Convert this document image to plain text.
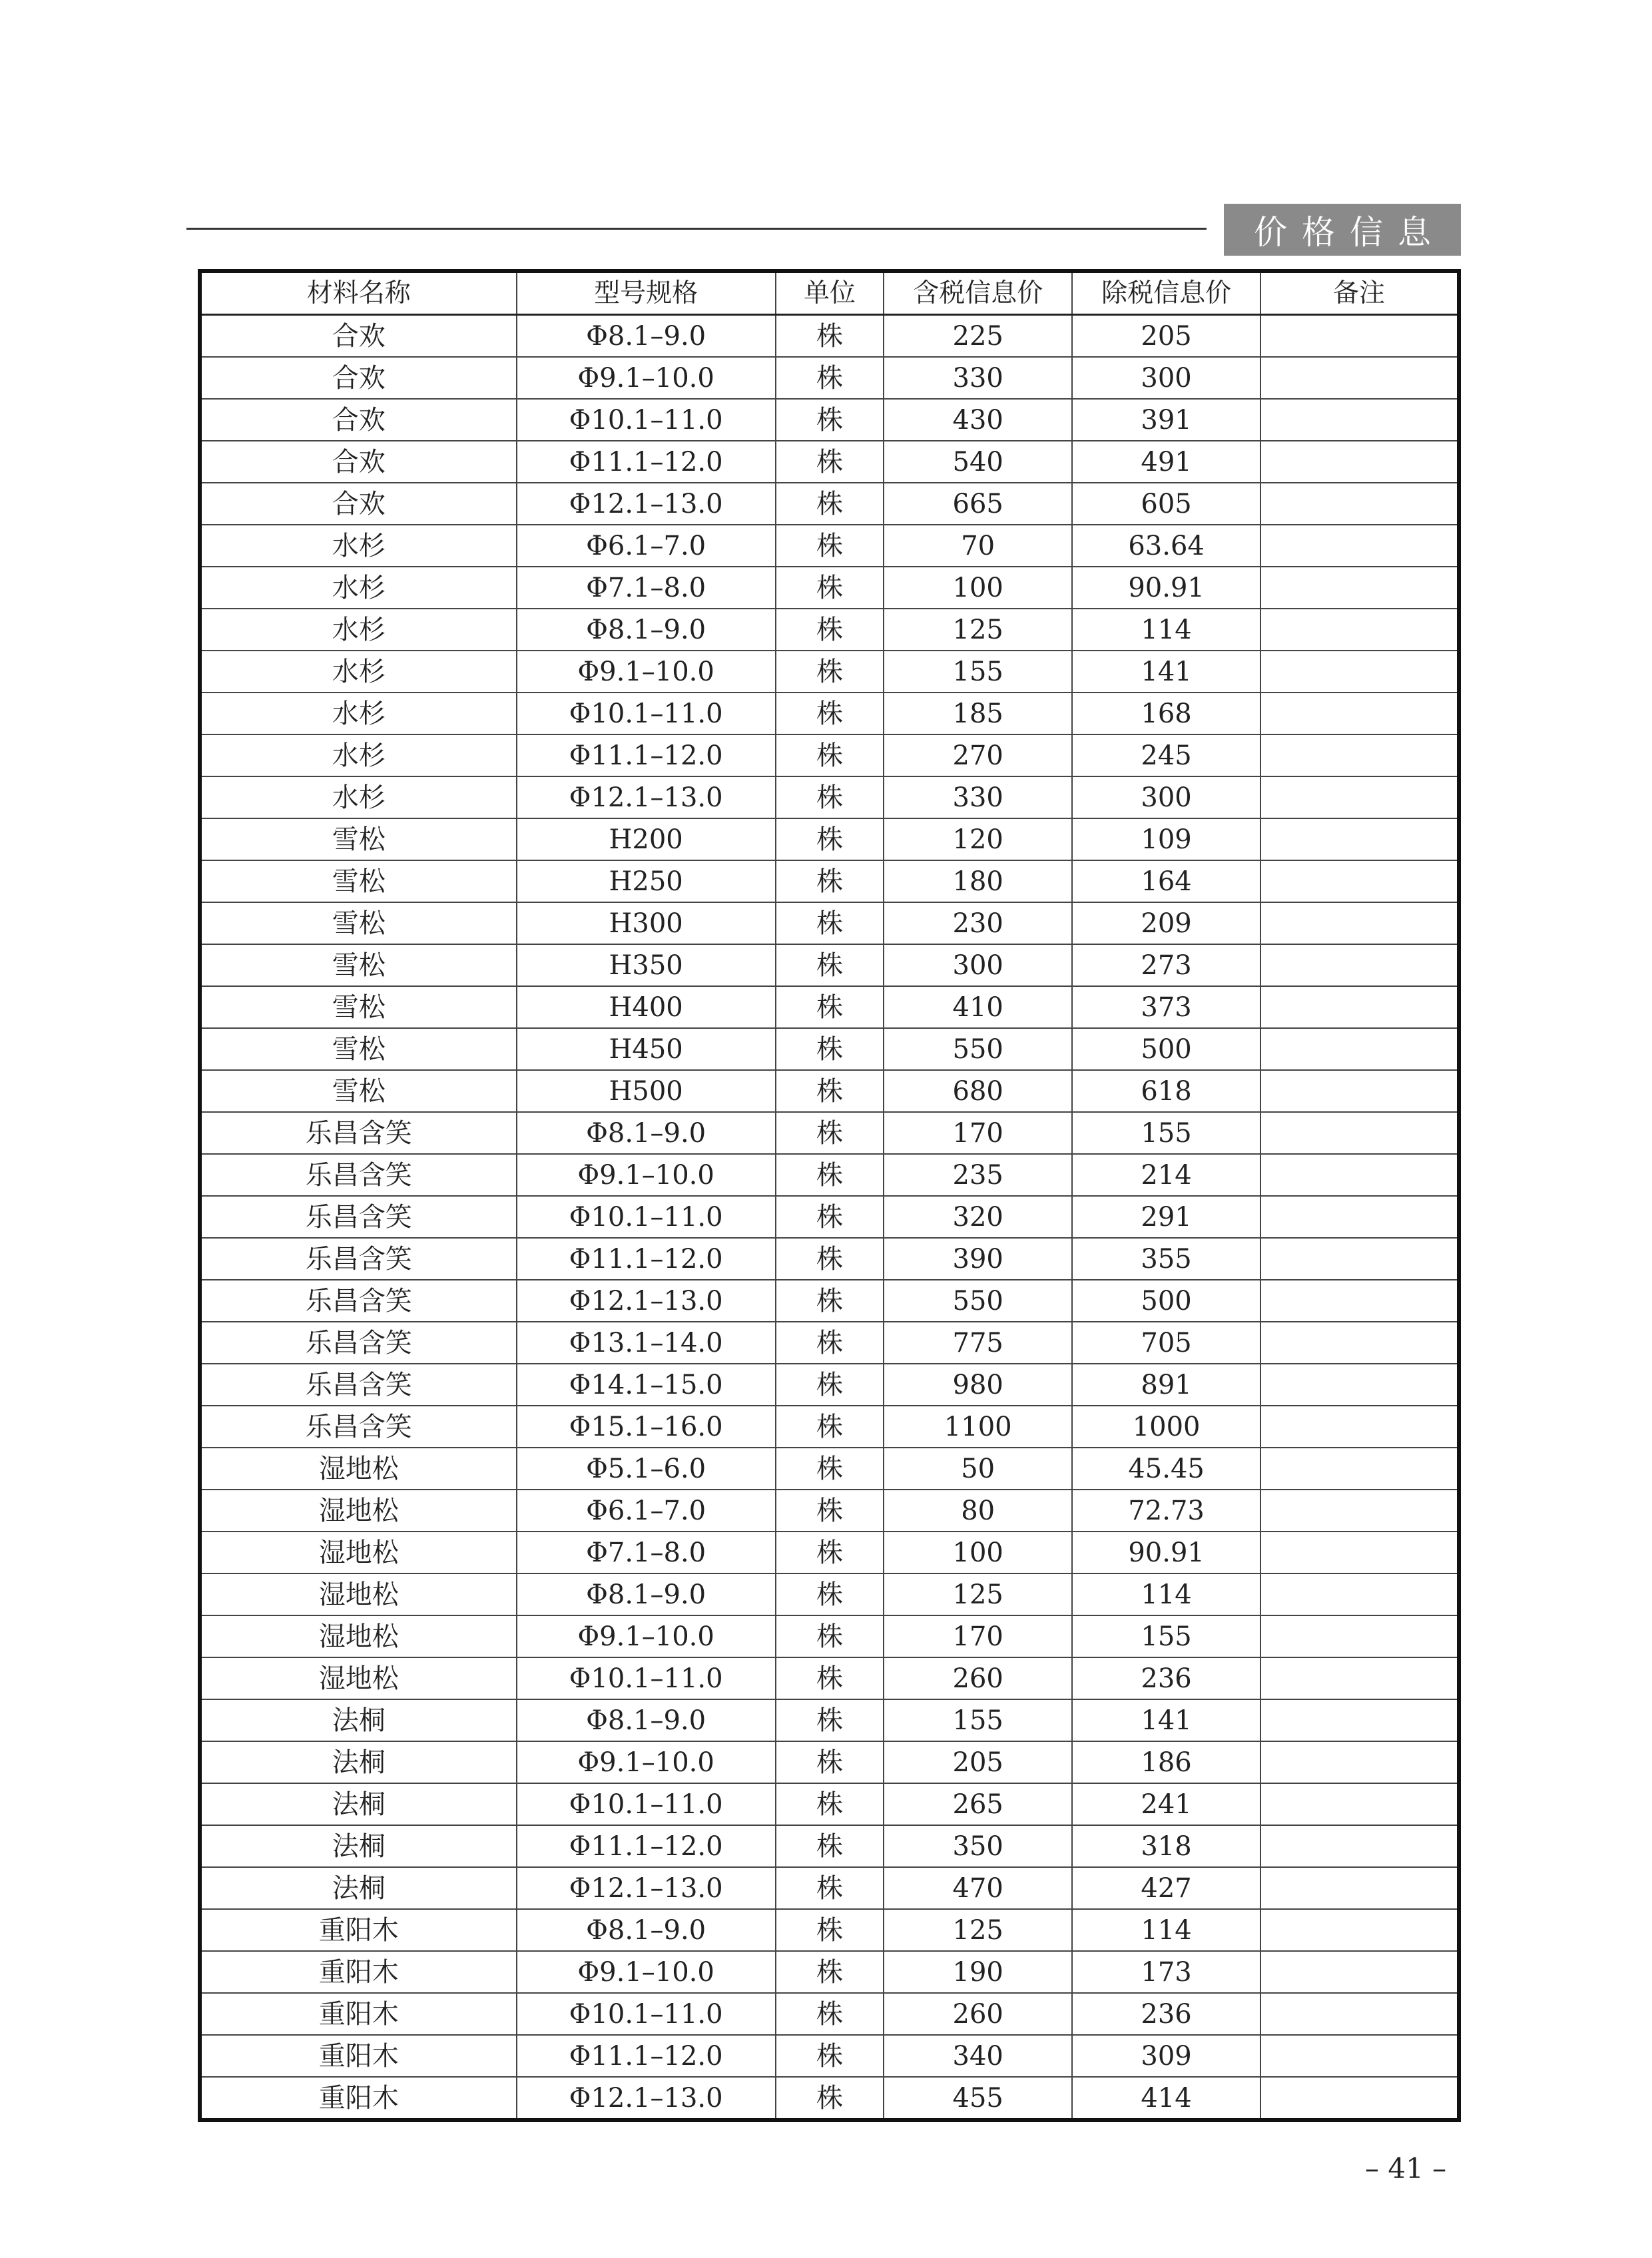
价格信息
材料名称	型号规格	单位	含税信息价	除税信息价	备注
合欢	Φ8.1–9.0	株	225	205	
合欢	Φ9.1–10.0	株	330	300	
合欢	Φ10.1–11.0	株	430	391	
合欢	Φ11.1–12.0	株	540	491	
合欢	Φ12.1–13.0	株	665	605	
水杉	Φ6.1–7.0	株	70	63.64	
水杉	Φ7.1–8.0	株	100	90.91	
水杉	Φ8.1–9.0	株	125	114	
水杉	Φ9.1–10.0	株	155	141	
水杉	Φ10.1–11.0	株	185	168	
水杉	Φ11.1–12.0	株	270	245	
水杉	Φ12.1–13.0	株	330	300	
雪松	H200	株	120	109	
雪松	H250	株	180	164	
雪松	H300	株	230	209	
雪松	H350	株	300	273	
雪松	H400	株	410	373	
雪松	H450	株	550	500	
雪松	H500	株	680	618	
乐昌含笑	Φ8.1–9.0	株	170	155	
乐昌含笑	Φ9.1–10.0	株	235	214	
乐昌含笑	Φ10.1–11.0	株	320	291	
乐昌含笑	Φ11.1–12.0	株	390	355	
乐昌含笑	Φ12.1–13.0	株	550	500	
乐昌含笑	Φ13.1–14.0	株	775	705	
乐昌含笑	Φ14.1–15.0	株	980	891	
乐昌含笑	Φ15.1–16.0	株	1100	1000	
湿地松	Φ5.1–6.0	株	50	45.45	
湿地松	Φ6.1–7.0	株	80	72.73	
湿地松	Φ7.1–8.0	株	100	90.91	
湿地松	Φ8.1–9.0	株	125	114	
湿地松	Φ9.1–10.0	株	170	155	
湿地松	Φ10.1–11.0	株	260	236	
法桐	Φ8.1–9.0	株	155	141	
法桐	Φ9.1–10.0	株	205	186	
法桐	Φ10.1–11.0	株	265	241	
法桐	Φ11.1–12.0	株	350	318	
法桐	Φ12.1–13.0	株	470	427	
重阳木	Φ8.1–9.0	株	125	114	
重阳木	Φ9.1–10.0	株	190	173	
重阳木	Φ10.1–11.0	株	260	236	
重阳木	Φ11.1–12.0	株	340	309	
重阳木	Φ12.1–13.0	株	455	414	
– 41 –
